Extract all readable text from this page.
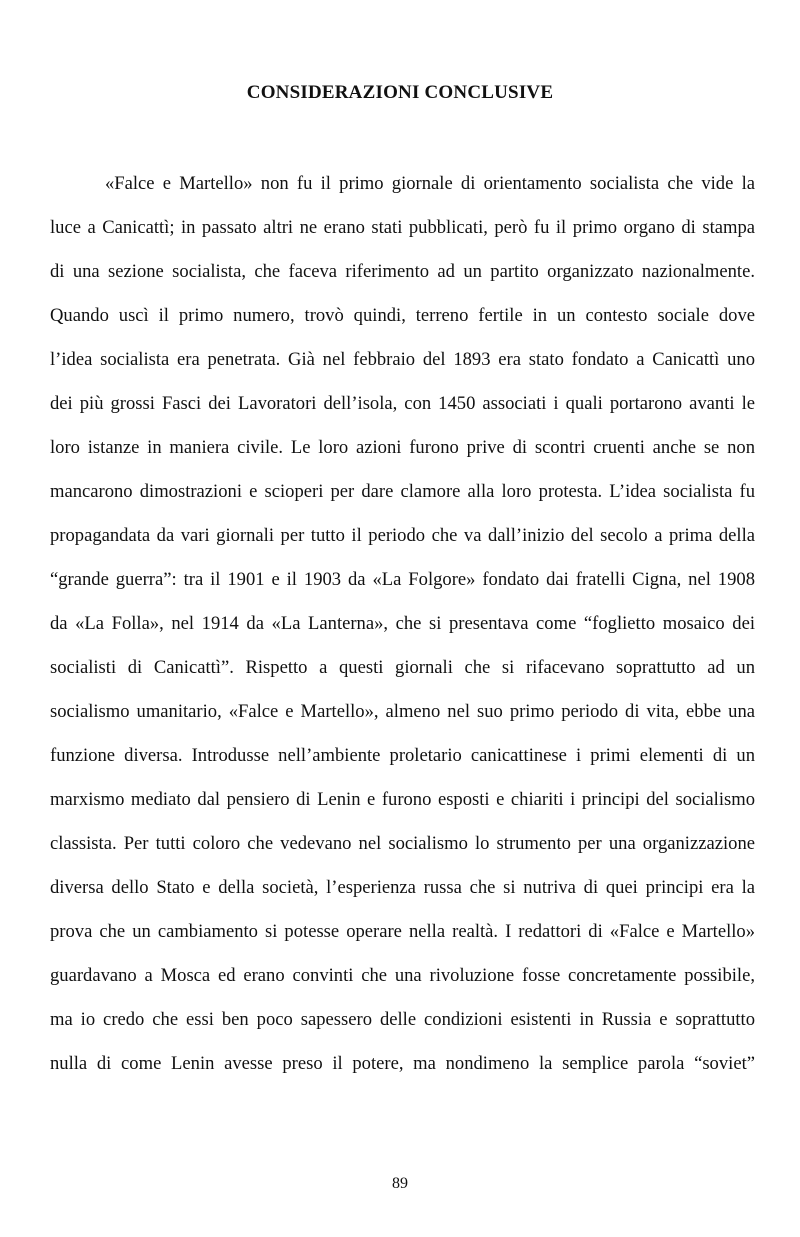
CONSIDERAZIONI CONCLUSIVE
«Falce e Martello» non fu il primo giornale di orientamento socialista che vide la
luce a Canicattì; in passato altri ne erano stati pubblicati, però fu il primo organo di stampa
di una sezione socialista, che faceva riferimento ad un partito organizzato nazionalmente.
Quando uscì il primo numero, trovò quindi, terreno fertile in un contesto sociale dove
l’idea socialista era penetrata. Già nel febbraio del 1893 era stato fondato a Canicattì uno
dei più grossi Fasci dei Lavoratori dell’isola, con 1450 associati i quali portarono avanti le
loro istanze in maniera civile. Le loro azioni furono prive di scontri cruenti anche se non
mancarono dimostrazioni e scioperi per dare clamore alla loro protesta. L’idea socialista fu
propagandata da vari giornali per tutto il periodo che va dall’inizio del secolo a prima della
“grande guerra”: tra il 1901 e il 1903 da «La Folgore» fondato dai fratelli Cigna, nel 1908
da «La Folla», nel 1914 da «La Lanterna», che si presentava come “foglietto mosaico dei
socialisti di Canicattì”. Rispetto a questi giornali che si rifacevano soprattutto ad un
socialismo umanitario, «Falce e Martello», almeno nel suo primo periodo di vita, ebbe una
funzione diversa. Introdusse nell’ambiente proletario canicattinese i primi elementi di un
marxismo mediato dal pensiero di Lenin e furono esposti e chiariti i principi del socialismo
classista. Per tutti coloro che vedevano nel socialismo lo strumento per una organizzazione
diversa dello Stato e della società, l’esperienza russa che si nutriva di quei principi era la
prova che un cambiamento si potesse operare nella realtà. I redattori di «Falce e Martello»
guardavano a Mosca ed erano convinti che una rivoluzione fosse concretamente possibile,
ma io credo che essi ben poco sapessero delle condizioni esistenti in Russia e soprattutto
nulla di come Lenin avesse preso il potere, ma nondimeno la semplice parola “soviet”
89
